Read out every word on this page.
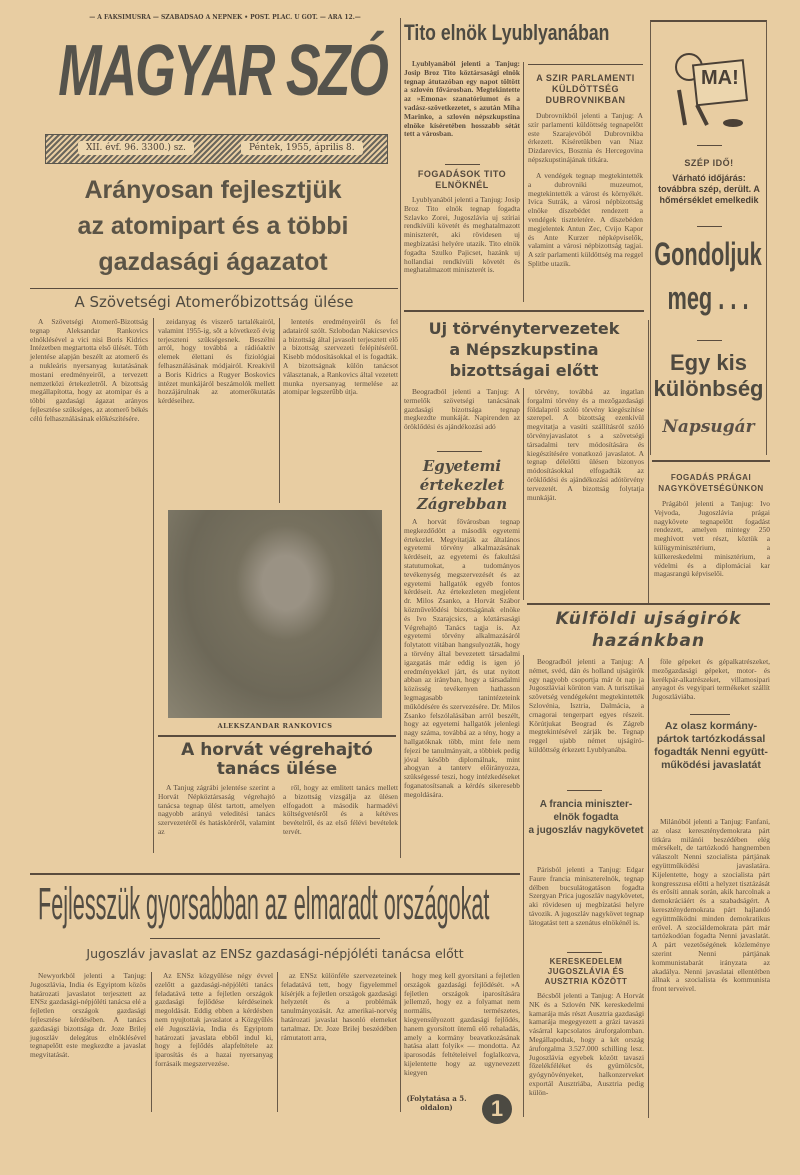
— A FAKSIMUSRA — SZABADSAO A NÉPNEK • POST. PLAC. U GOT. — ARA 12.—
MAGYAR SZÓ
XII. évf. 96. 3300.) sz.	Péntek, 1955, április 8.
Arányosan fejlesztjük
az atomipart és a többi
gazdasági ágazatot
A Szövetségi Atomerőbizottság ülése
A Szövetségi Atomerő-Bizottság tegnap Aleksandar Rankovics elnöklésével a vici nisi Boris Kidrics Intézetben megtartotta első ülését. Tóth jelentése alapján beszélt az atomerő és a nukleáris nyersanyag kutatásának mostani eredményeiről, a tervezett nemzetközi értekezletről. A bizottság megállapította, hogy az atomipar és a többi gazdasági ágazat arányos fejlesztése szükséges, az atomerő békés célú felhasználásának előkészítésére.
zeidanyag és viszerő tartalékairól, valamint 1955-ig, sőt a következő évig terjeszteni szükségesnek. Beszélni arról, hogy továbbá a rádióaktív elemek élettani és fiziológiai felhasználásának módjairól. Kreakivil a Boris Kidrics a Rugyer Boskovics intézet munkájáról beszámolók mellett hozzájárulnak az atomerőkutatás kérdéseihez.
lentetés eredményeiről és fel adatairól szólt. Szlobodan Nakicsevics a bizottság által javasolt terjesztett elő a bizottság szervezeti felépítéséről. Kisebb módosításokkal el is fogadták. A bizottságnak külön tanácsot választanak, a Rankovics által vezetett munka nyersanyag termelése az atomipar legszerűbb útja.
ALEKSZANDAR RANKOVICS
A horvát végrehajtó
tanács ülése
A Tanjug zágrábi jelentése szerint a Horvát Népköztársaság végrehajtó tanácsa tegnap ülést tartott, amelyen nagyobb arányú veleditési tanács szervezetéről és hatásköréről, valamint az
ről, hogy az emlitett tanács mellett a bizottság vizsgálja az ülésen elfogadott a második harmadévi költségvetésről és a kétéves bevételről, és az első félévi bevételek tervét.
Tito elnök Lyublyanában
Lyublyanából jelenti a Tanjug: Josip Broz Tito köztársasági elnök tegnap átutazóban egy napot töltött a szlovén fővárosban. Megtekintette az »Emona« szanatóriumot és a vadász-szövetkezetet, s azután Miha Marinko, a szlovén népszkupstina elnöke kíséretében hosszabb sétát tett a városban.
FOGADÁSOK TITO ELNÖKNÉL
Lyublyanából jelenti a Tanjug: Josip Broz Tito elnök tegnap fogadta Szlavko Zorei, Jugoszlávia uj szíriai rendkívüli követét és meghatalmazott miniszterét, aki rövidesen uj megbízatási helyére utazik. Tito elnök fogadta Szulko Pajicset, hazánk uj hollandiai rendkívüli követét és meghatalmazott miniszterét is.
A SZIR PARLAMENTI KÜLDÖTTSÉG DUBROVNIKBAN
Dubrovnikból jelenti a Tanjug: A szír parlamenti küldöttség tegnapelőtt este Szarajevóból Dubrovnikba érkezett. Kíséretükben van Niaz Dizdarevics, Bosznia és Hercegovina népszkupstinájának titkára.
A vendégek tegnap megtekintették a dubrovniki muzeumot, megtekintették a várost és környékét. Ivica Sutrák, a városi népbizottság elnöke díszebédet rendezett a vendégek tiszteletére. A díszebéden megjelentek Antun Zec, Cvijo Kapor és Ante Kurzer népképviselők, valamint a városi népbizottság tagjai. A szír parlamenti küldöttség ma reggel Splitbe utazik.
MA!
SZÉP IDŐ!
Várható időjárás: továbbra szép, derült. A hőmérséklet emelkedik
Gondoljuk
meg . . .
Egy kis
különbség
Napsugár
FOGADÁS PRÁGAI NAGYKÖVETSÉGÜNKON
Prágából jelenti a Tanjug: Ivo Vejvoda, Jugoszlávia prágai nagykövete tegnapelőtt fogadást rendezett, amelyen mintegy 250 meghívott vett részt, köztük a külügyminisztérium, a külkereskedelmi minisztérium, a védelmi és a diplomáciai kar magasrangú képviselői.
Uj törvénytervezetek
a Népszkupstina
bizottságai előtt
Beogradból jelenti a Tanjug: A termelők szövetségi tanácsának gazdasági bizottsága tegnap megkezdte munkáját. Napirenden az öröklődési és ajándékozási adó
törvény, továbbá az ingatlan forgalmi törvény és a mezőgazdasági földalapról szóló törvény kiegészítése szerepel. A bizottság ezenkívül megvitatja a vasúti szállításról szóló törvényjavaslatot s a szövetségi társadalmi terv módosítására és kiegészítésére vonatkozó javaslatot. A tegnap délelőtti ülésen bizonyos módosításokkal elfogadták az öröklődési és ajándékozási adótörvény tervezetét. A bizottság folytatja munkáját.
Egyetemi
értekezlet
Zágrebban
A horvát fővárosban tegnap megkezdődött a második egyetemi értekezlet. Megvitatják az általános egyetemi törvény alkalmazásának kérdéseit, az egyetemi és fakultási statutumokat, a tudományos tevékenység megszervezését és az egyetemi hallgatók egyéb fontos kérdéseit. Az értekezleten megjelent dr. Milos Zsanko, a Horvát Szábor közművelődési bizottságának elnöke és Ivo Szarajcsics, a köztársasági Végrehajtó Tanács tagja is. Az egyetemi törvény alkalmazásáról folytatott vitában hangsulyozták, hogy a törvény által bevezetett társadalmi igazgatás már eddig is igen jó eredményekkel járt, és utat nyitott abban az irányban, hogy a társadalmi közösség tevékenyen hathasson legmagasabb tanintézeteink működésére és szervezésére. Dr. Milos Zsanko felszólalásában arról beszélt, hogy az egyetemi hallgatók jelenlegi nagy száma, továbbá az a tény, hogy a hallgatóknak több, mint fele nem fejezi be tanulmányait, a többiek pedig jóval később diplomálnak, mint ahogyan a tanterv előirányozza, szükségessé teszi, hogy intézkedéseket foganatosítsanak a kérdés sikeresebb megoldására.
Külföldi ujságirók
hazánkban
Beogradból jelenti a Tanjug: A német, svéd, dán és holland ujságirók egy nagyobb csoportja már öt nap ja Jugoszláviai körúton van. A turisztikai szövetség vendégeként megtekintették Szlovénia, Isztria, Dalmácia, a crnagorai tengerpart egyes részeit. Körútjukat Beograd és Zágreb megtekintésével zárják be. Tegnap reggel ujabb német ujságíró-küldöttség érkezett Lyublyanába.
föle gépeket és gépalkatrészeket, mezőgazdasági gépeket, motor- és kerékpár-alkatrészeket, villamosipari anyagot és vegyipari termékeket szállít Jugoszláviába.
Az olasz kormány-
pártok tartózkodással
fogadták Nenni együtt-
működési javaslatát
Milánóból jelenti a Tanjug: Fanfani, az olasz kereszténydemokrata párt titkára milánói beszédében elég mérsékelt, de tartózkodó hangnemben válaszolt Nenni szocialista pártjának együttműködési javaslatára. Kijelentette, hogy a szocialista párt kongresszusa előtti a helyzet tisztázását és erősíti annak során, akik harcolnak a demokráciáért és a szabadságért. A kereszténydemokrata párt hajlandó együttműködni minden demokratikus erővel. A szociáldemokrata párt már tartózkodóan fogadta Nenni javaslatát. A párt vezetőségének közleménye szerint Nenni pártjának kommunistabarát irányzata az akadálya. Nenni javaslatai ellentétben állnak a szocialista és kommunista front terveivel.
A francia miniszter-
elnök fogadta
a jugoszláv nagykövetet
Párisból jelenti a Tanjug: Edgar Faure francia miniszterelnök, tegnap délben bucsulátogatáson fogadta Szergyan Prica jugoszláv nagykövetet, aki rövidesen uj megbízatási helyre távozik. A jugoszláv nagykövet tegnap látogatást tett a szenátus elnökénél is.
KERESKEDELEM JUGOSZLÁVIA ÉS AUSZTRIA KÖZÖTT
Bécsből jelenti a Tanjug: A Horvát NK és a Szlovén NK kereskedelmi kamarája más részt Ausztria gazdasági kamarája megegyezett a grázi tavaszi vásárral kapcsolatos áruforgalomban. Megállapodtak, hogy a két ország áruforgalma 3.527.000 schilling lesz. Jugoszlávia egyebek között tavaszi főzelékféléket és gyümölcsöt, gyógynövényeket, halkonzerveket exportál Ausztriába, Ausztria pedig külön-
Fejlesszük gyorsabban az elmaradt országokat
Jugoszláv javaslat az ENSz gazdasági-népjóléti tanácsa előtt
Newyorkból jelenti a Tanjug: Jugoszlávia, India és Egyiptom közös határozati javaslatot terjesztett az ENSz gazdasági-népjóléti tanácsa elé a fejletlen országok gazdasági fejlesztése kérdésében. A tanács gazdasági bizottsága dr. Joze Brilej jugoszláv delegátus elnöklésével tegnapelőtt este megkezdte a javaslat megvitatását.
Az ENSz közgyűlése négy évvel ezelőtt a gazdasági-népjóléti tanács feladatává tette a fejletlen országok gazdasági fejlődése kérdéseinek megoldását. Eddig ebben a kérdésben nem nyujtottak javaslatot a Közgyűlés elé Jugoszlávia, India és Egyiptom határozati javaslata ebből indul ki, hogy a fejlődés alapfeltétele az iparosítás és a hazai nyersanyag forrásaik megszervezése.
az ENSz különféle szervezeteinek feladatává tett, hogy figyelemmel kísérjék a fejletlen országok gazdasági helyzetét és a problémák tanulmányozását. Az amerikai-norvég határozati javaslat hasonló elemeket tartalmaz. Dr. Joze Brilej beszédében rámutatott arra,
hogy meg kell gyorsítani a fejletlen országok gazdasági fejlődését. »A fejletlen országok iparosítására jellemző, hogy ez a folyamat nem normális, természetes, kiegyensúlyozott gazdasági fejlődés, hanem gyorsított ütemű elő rehaladás, amely a kormány beavatkozásának hatása alatt folyik« — mondotta. Az iparosodás feltételeivel foglalkozva, kijelentette hogy az ugynevezett kiegyen
(Folytatása a 5. oldalon)	1
